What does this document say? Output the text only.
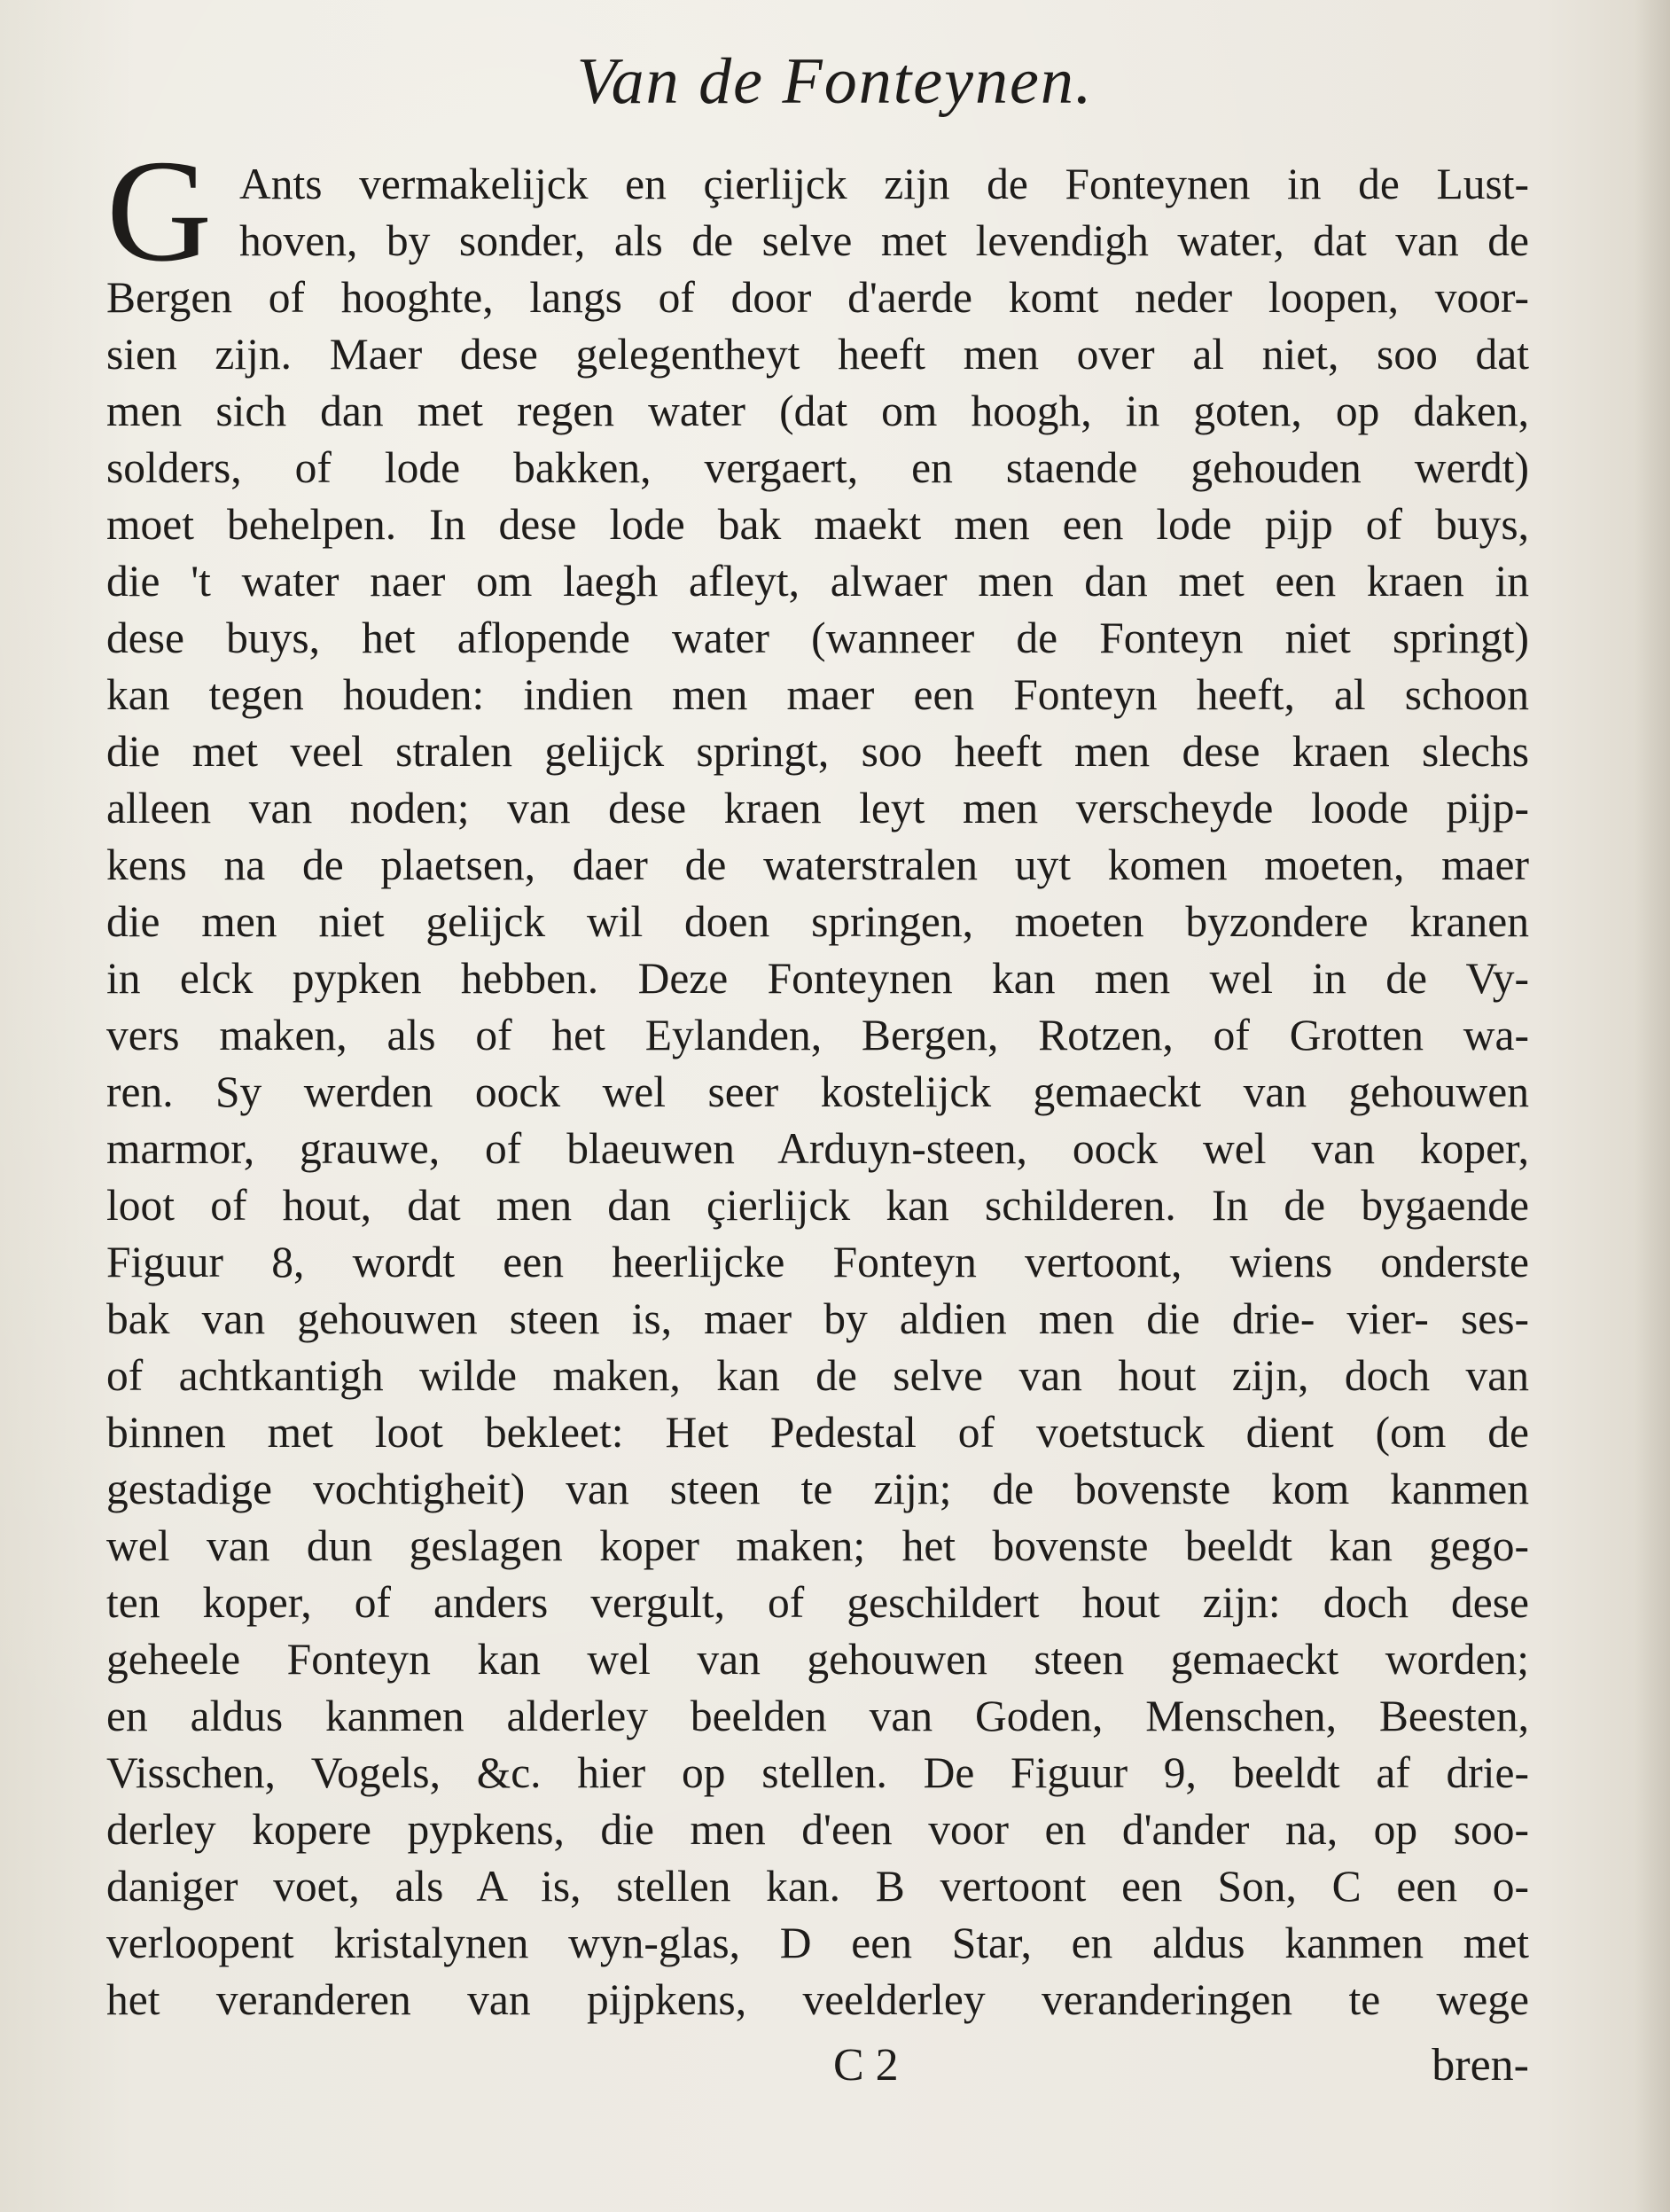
Van de Fonteynen.
G Ants vermakelijck en çierlijck zijn de Fonteynen in de Lust-
hoven, by sonder, als de selve met levendigh water, dat van de
Bergen of hooghte, langs of door d'aerde komt neder loopen, voor-
sien zijn. Maer dese gelegentheyt heeft men over al niet, soo dat
men sich dan met regen water (dat om hoogh, in goten, op daken,
solders, of lode bakken, vergaert, en staende gehouden werdt)
moet behelpen. In dese lode bak maekt men een lode pijp of buys,
die 't water naer om laegh afleyt, alwaer men dan met een kraen in
dese buys, het aflopende water (wanneer de Fonteyn niet springt)
kan tegen houden: indien men maer een Fonteyn heeft, al schoon
die met veel stralen gelijck springt, soo heeft men dese kraen slechs
alleen van noden; van dese kraen leyt men verscheyde loode pijp-
kens na de plaetsen, daer de waterstralen uyt komen moeten, maer
die men niet gelijck wil doen springen, moeten byzondere kranen
in elck pypken hebben. Deze Fonteynen kan men wel in de Vy-
vers maken, als of het Eylanden, Bergen, Rotzen, of Grotten wa-
ren. Sy werden oock wel seer kostelijck gemaeckt van gehouwen
marmor, grauwe, of blaeuwen Arduyn-steen, oock wel van koper,
loot of hout, dat men dan çierlijck kan schilderen. In de bygaende
Figuur 8, wordt een heerlijcke Fonteyn vertoont, wiens onderste
bak van gehouwen steen is, maer by aldien men die drie- vier- ses-
of achtkantigh wilde maken, kan de selve van hout zijn, doch van
binnen met loot bekleet: Het Pedestal of voetstuck dient (om de
gestadige vochtigheit) van steen te zijn; de bovenste kom kanmen
wel van dun geslagen koper maken; het bovenste beeldt kan gego-
ten koper, of anders vergult, of geschildert hout zijn: doch dese
geheele Fonteyn kan wel van gehouwen steen gemaeckt worden;
en aldus kanmen alderley beelden van Goden, Menschen, Beesten,
Visschen, Vogels, &c. hier op stellen. De Figuur 9, beeldt af drie-
derley kopere pypkens, die men d'een voor en d'ander na, op soo-
daniger voet, als A is, stellen kan. B vertoont een Son, C een o-
verloopent kristalynen wyn-glas, D een Star, en aldus kanmen met
het veranderen van pijpkens, veelderley veranderingen te wege
C 2	bren-
